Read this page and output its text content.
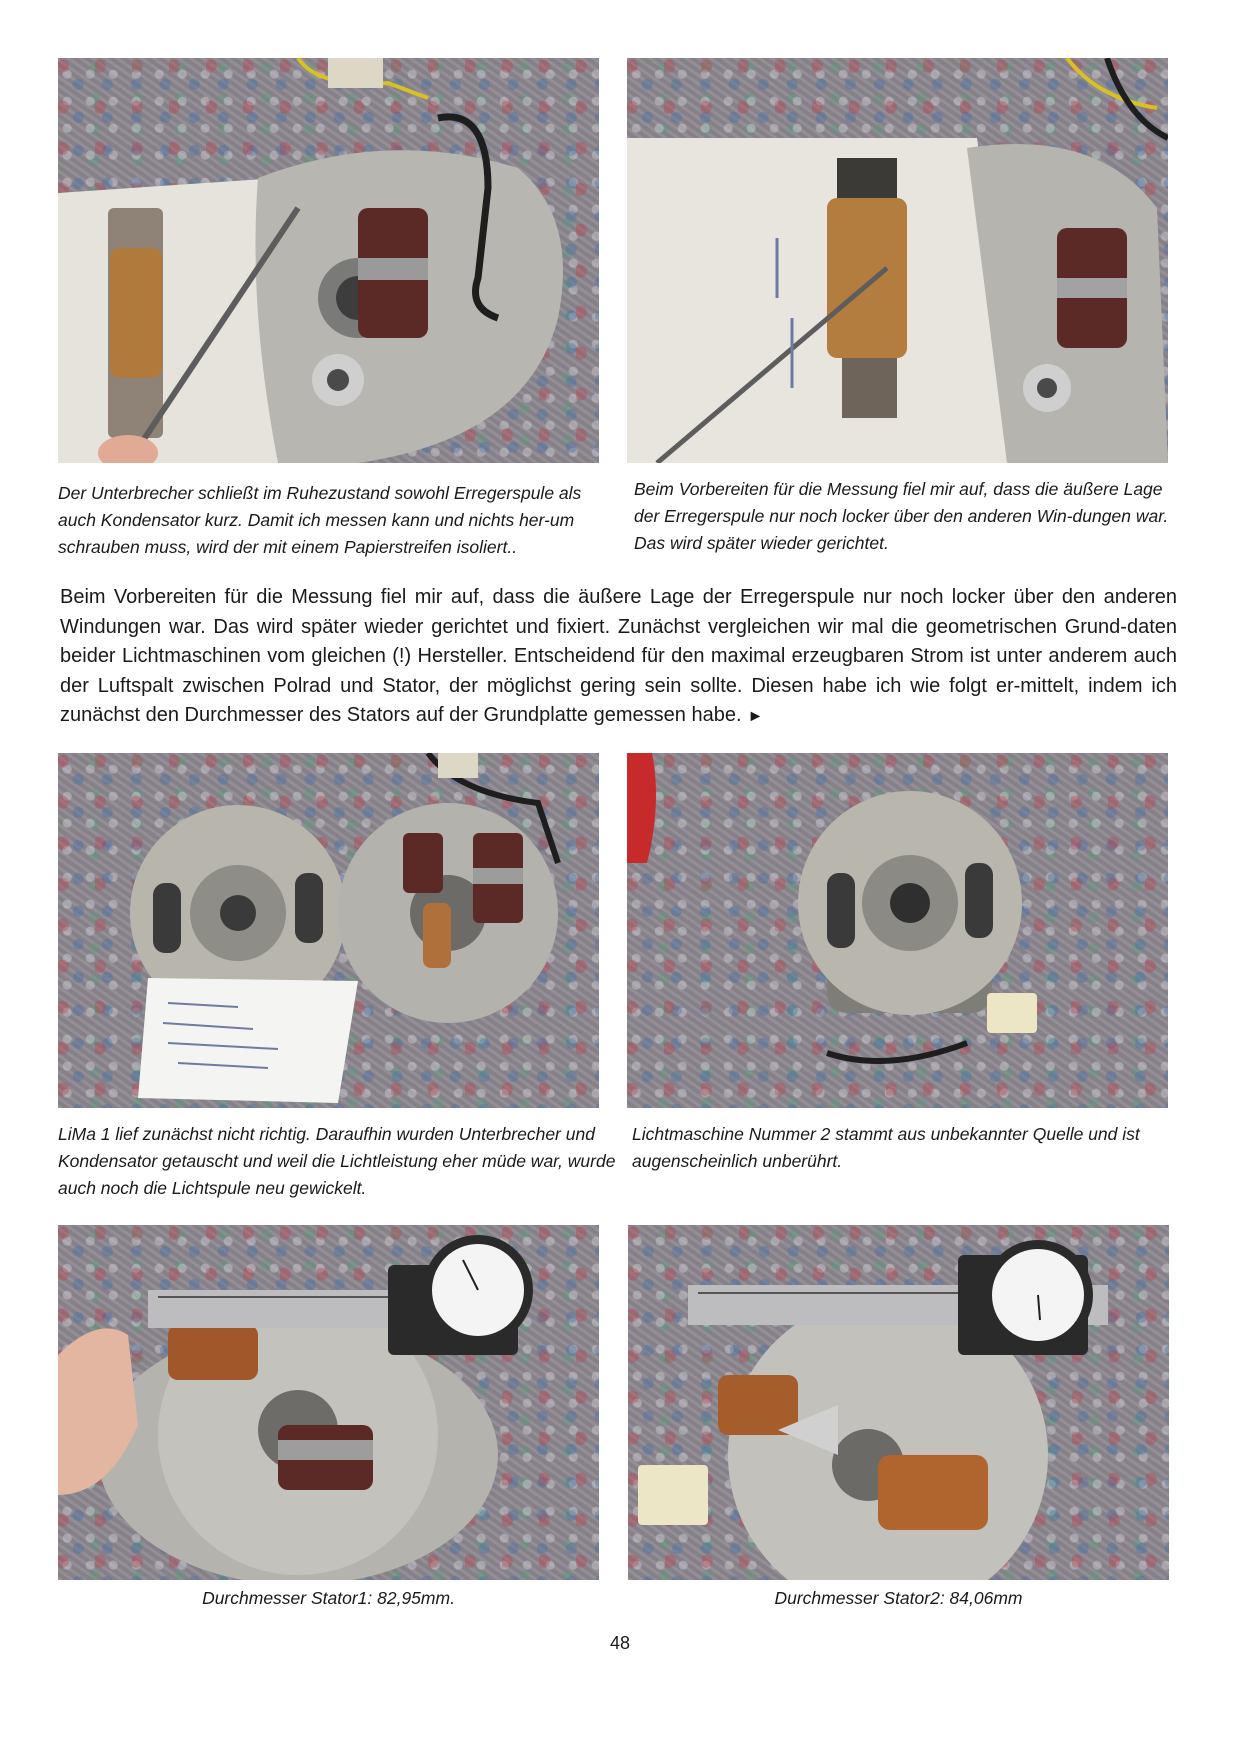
Der Unterbrecher schließt im Ruhezustand sowohl Erregerspule als auch Kondensator kurz. Damit ich messen kann und nichts her-um schrauben muss, wird der mit einem Papierstreifen isoliert..

Beim Vorbereiten für die Messung fiel mir auf, dass die äußere Lage der Erregerspule nur noch locker über den anderen Win-dungen war. Das wird später wieder gerichtet.

Beim Vorbereiten für die Messung fiel mir auf, dass die äußere Lage der Erregerspule nur noch locker über den anderen Windungen war. Das wird später wieder gerichtet und fixiert. Zunächst vergleichen wir mal die geometrischen Grund-daten beider Lichtmaschinen vom gleichen (!) Hersteller. Entscheidend für den maximal erzeugbaren Strom ist unter anderem auch der Luftspalt zwischen Polrad und Stator, der möglichst gering sein sollte. Diesen habe ich wie folgt er-mittelt, indem ich zunächst den Durchmesser des Stators auf der Grundplatte gemessen habe. ►

LiMa 1 lief zunächst nicht richtig. Daraufhin wurden Unterbrecher und Kondensator getauscht und weil die Lichtleistung eher müde war, wurde auch noch die Lichtspule neu gewickelt.

Lichtmaschine Nummer 2 stammt aus unbekannter Quelle und ist augenscheinlich unberührt.

Durchmesser Stator1: 82,95mm.	Durchmesser Stator2: 84,06mm

48
